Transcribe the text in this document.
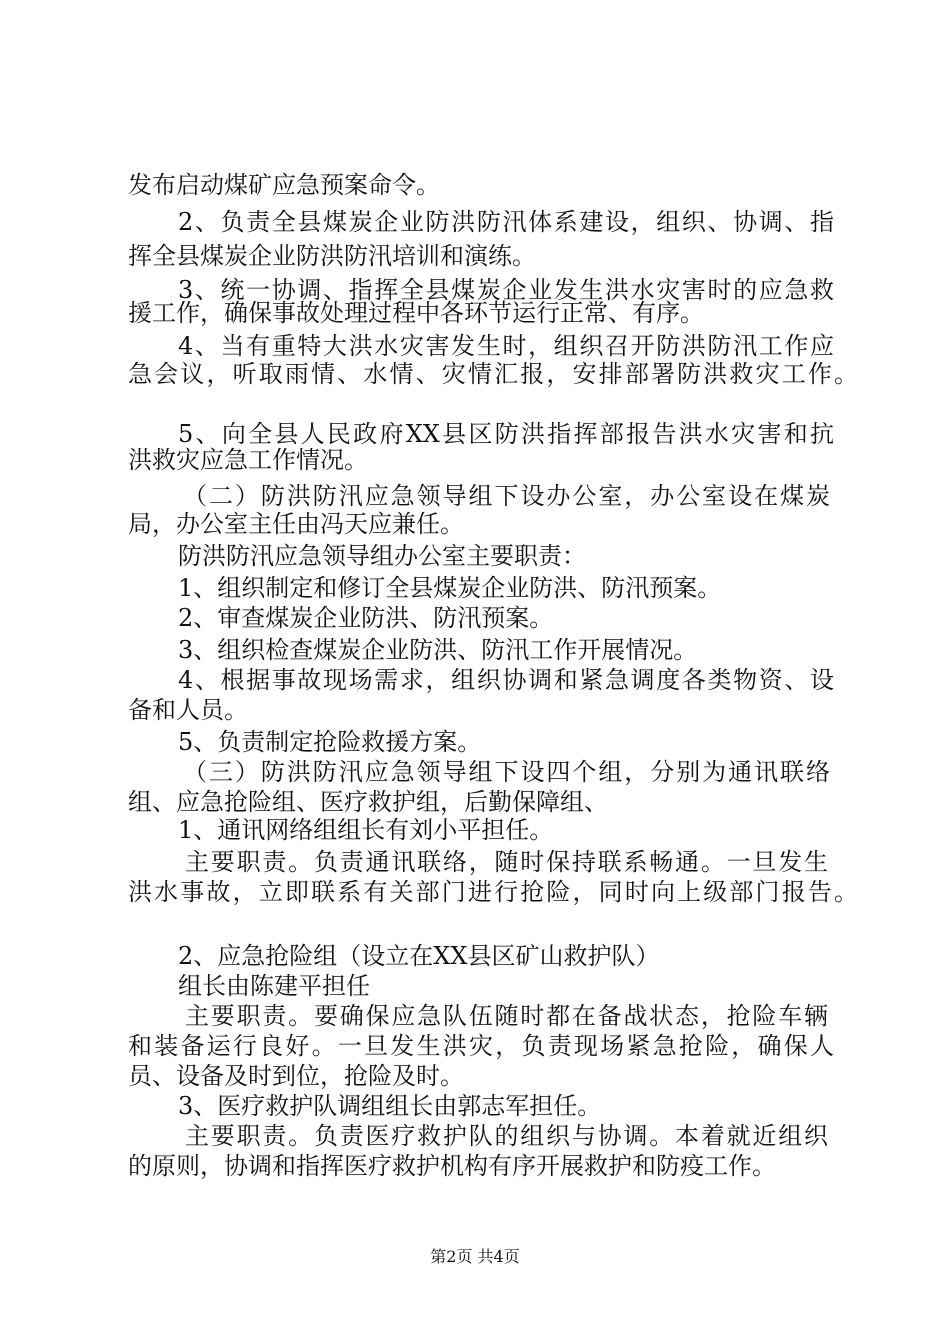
发布启动煤矿应急预案命令。
2、负责全县煤炭企业防洪防汛体系建设，组织、协调、指
挥全县煤炭企业防洪防汛培训和演练。
3、统一协调、指挥全县煤炭企业发生洪水灾害时的应急救
援工作，确保事故处理过程中各环节运行正常、有序。
4、当有重特大洪水灾害发生时，组织召开防洪防汛工作应
急会议，听取雨情、水情、灾情汇报，安排部署防洪救灾工作。
5、向全县人民政府XX县区防洪指挥部报告洪水灾害和抗
洪救灾应急工作情况。
（二）防洪防汛应急领导组下设办公室，办公室设在煤炭
局，办公室主任由冯天应兼任。
防洪防汛应急领导组办公室主要职责：
1、组织制定和修订全县煤炭企业防洪、防汛预案。
2、审查煤炭企业防洪、防汛预案。
3、组织检查煤炭企业防洪、防汛工作开展情况。
4、根据事故现场需求，组织协调和紧急调度各类物资、设
备和人员。
5、负责制定抢险救援方案。
（三）防洪防汛应急领导组下设四个组，分别为通讯联络
组、应急抢险组、医疗救护组，后勤保障组、
1、通讯网络组组长有刘小平担任。
主要职责。负责通讯联络，随时保持联系畅通。一旦发生
洪水事故，立即联系有关部门进行抢险，同时向上级部门报告。
2、应急抢险组（设立在XX县区矿山救护队）
组长由陈建平担任
主要职责。要确保应急队伍随时都在备战状态，抢险车辆
和装备运行良好。一旦发生洪灾，负责现场紧急抢险，确保人
员、设备及时到位，抢险及时。
3、医疗救护队调组组长由郭志军担任。
主要职责。负责医疗救护队的组织与协调。本着就近组织
的原则，协调和指挥医疗救护机构有序开展救护和防疫工作。
第2页 共4页
